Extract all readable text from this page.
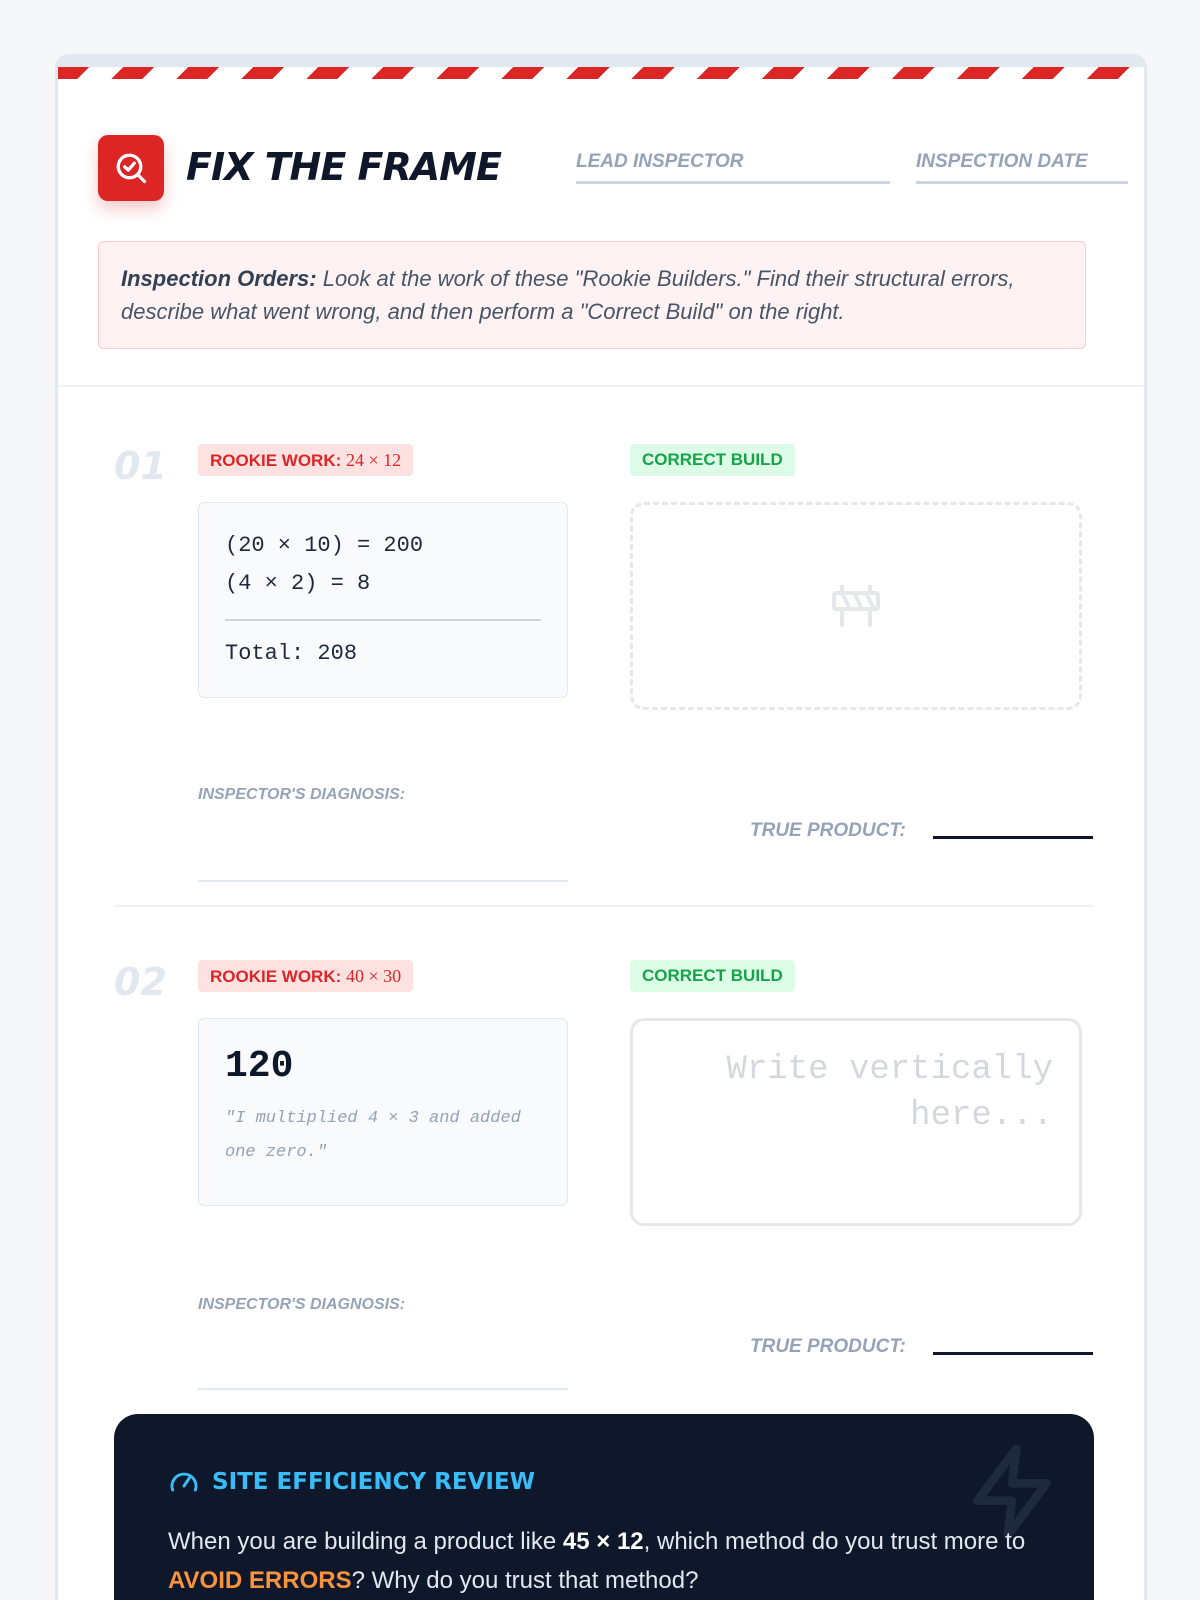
FIX THE FRAME	LEAD INSPECTOR	INSPECTION DATE
Inspection Orders: Look at the work of these "Rookie Builders." Find their structural errors, describe what went wrong, and then perform a "Correct Build" on the right.
01	ROOKIE WORK: 24 × 12	CORRECT BUILD
(20 × 10) = 200
(4 × 2) = 8
Total: 208
INSPECTOR'S DIAGNOSIS:
TRUE PRODUCT:
02	ROOKIE WORK: 40 × 30	CORRECT BUILD
120
"I multiplied 4 × 3 and added one zero."
Write vertically here...
INSPECTOR'S DIAGNOSIS:
TRUE PRODUCT:
SITE EFFICIENCY REVIEW
When you are building a product like 45 × 12, which method do you trust more to AVOID ERRORS? Why do you trust that method?
